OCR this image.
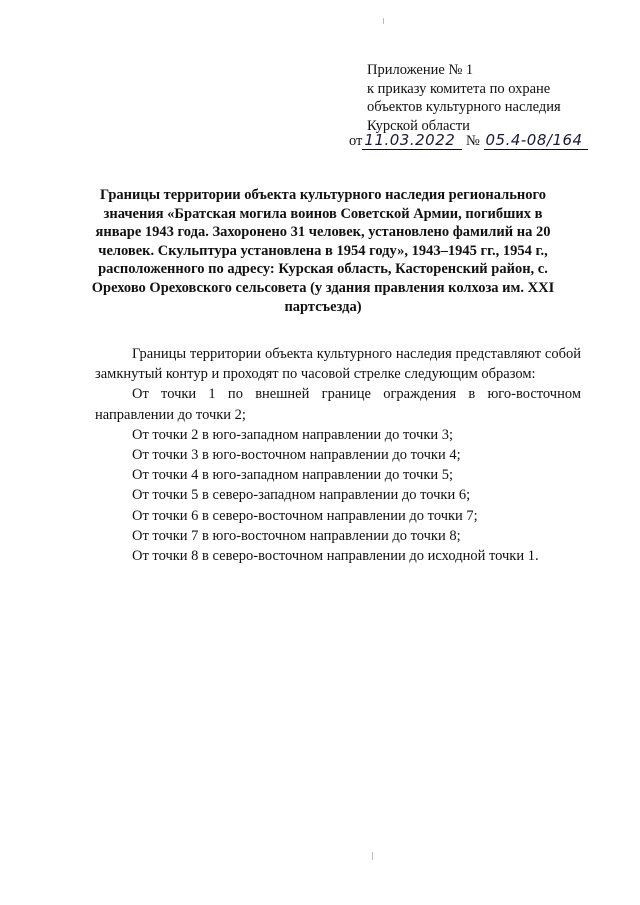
Приложение № 1
к приказу комитета по охране
объектов культурного наследия
Курской области
от 11.03.2022 № 05.4-08/164
Границы территории объекта культурного наследия регионального значения «Братская могила воинов Советской Армии, погибших в январе 1943 года. Захоронено 31 человек, установлено фамилий на 20 человек. Скульптура установлена в 1954 году», 1943–1945 гг., 1954 г., расположенного по адресу: Курская область, Касторенский район, с. Орехово Ореховского сельсовета (у здания правления колхоза им. XXI партсъезда)
Границы территории объекта культурного наследия представляют собой замкнутый контур и проходят по часовой стрелке следующим образом:
От точки 1 по внешней границе ограждения в юго-восточном направлении до точки 2;
От точки 2 в юго-западном направлении до точки 3;
От точки 3 в юго-восточном направлении до точки 4;
От точки 4 в юго-западном направлении до точки 5;
От точки 5 в северо-западном направлении до точки 6;
От точки 6 в северо-восточном направлении до точки 7;
От точки 7 в юго-восточном направлении до точки 8;
От точки 8 в северо-восточном направлении до исходной точки 1.
